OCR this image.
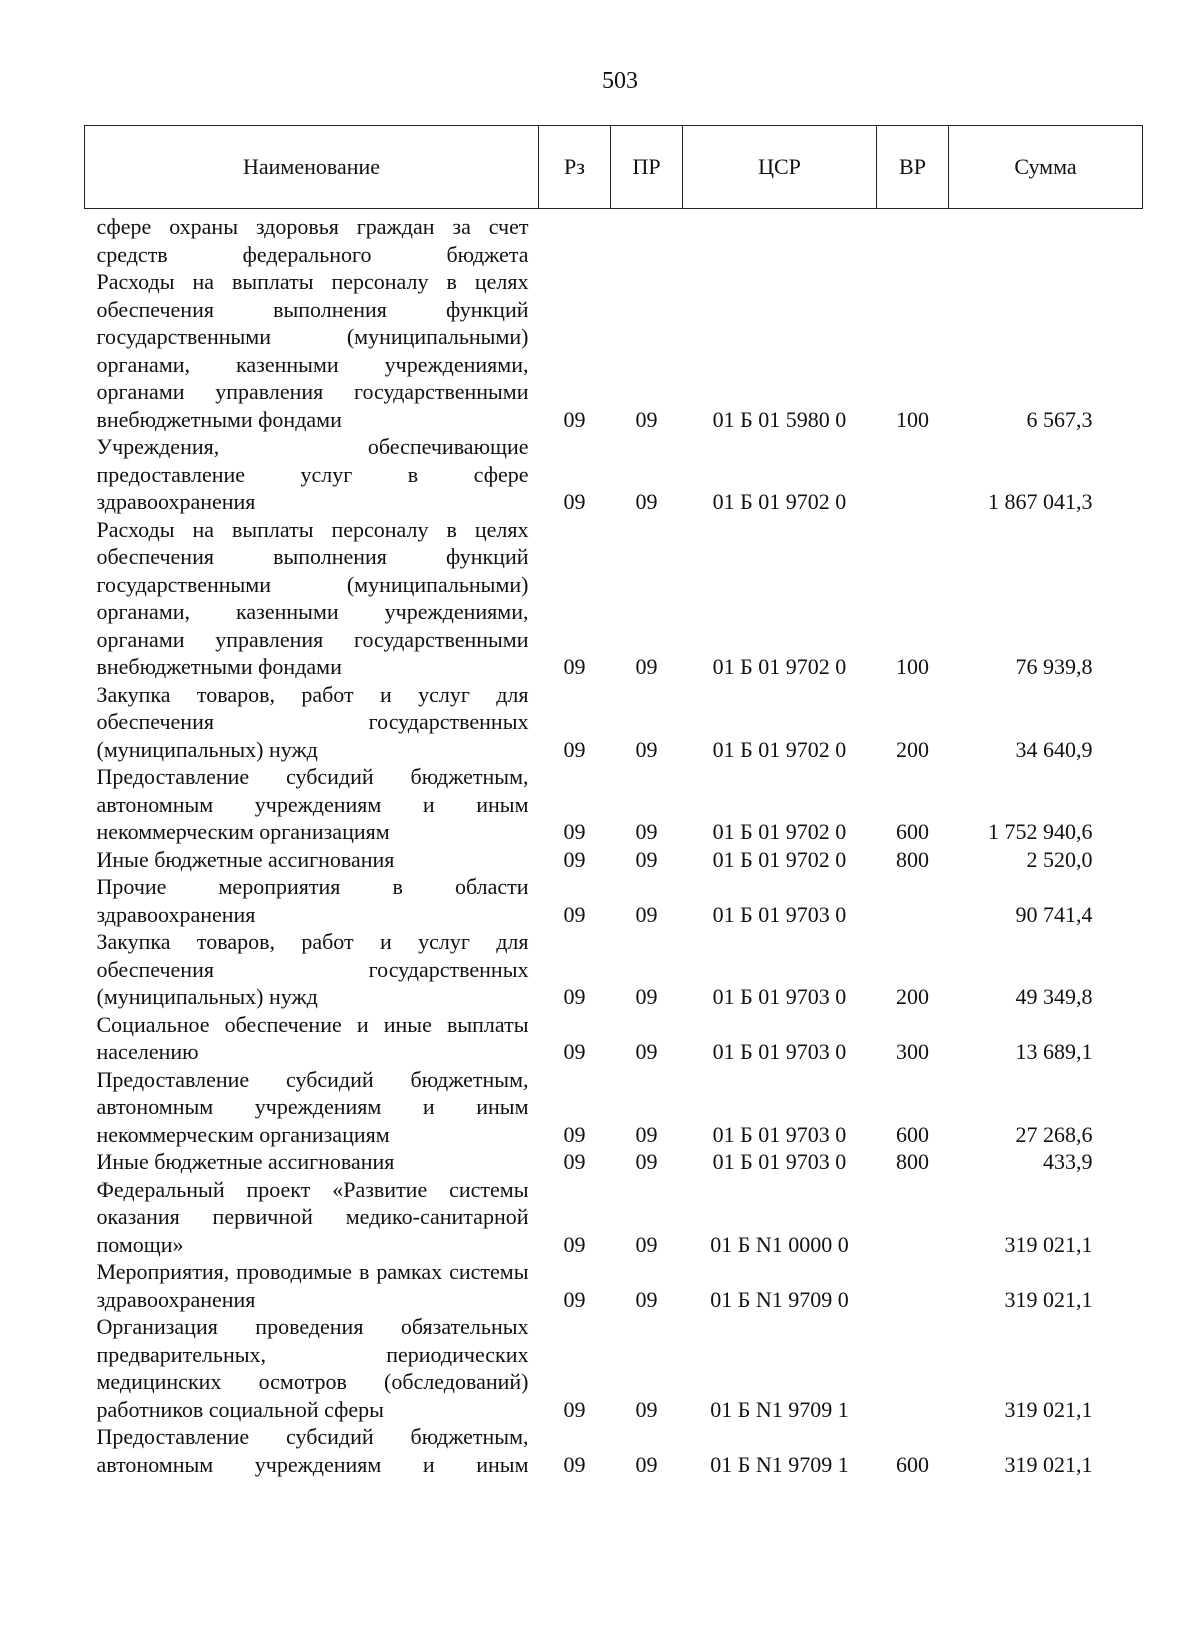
503
Наименование	Рз	ПР	ЦСР	ВР	Сумма
сфере охраны здоровья граждан за счет средств федерального бюджета					
Расходы на выплаты персоналу в целях обеспечения выполнения функций государственными (муниципальными) органами, казенными учреждениями, органами управления государственными внебюджетными фондами	09	09	01 Б 01 5980 0	100	6 567,3
Учреждения, обеспечивающие предоставление услуг в сфере здравоохранения	09	09	01 Б 01 9702 0		1 867 041,3
Расходы на выплаты персоналу в целях обеспечения выполнения функций государственными (муниципальными) органами, казенными учреждениями, органами управления государственными внебюджетными фондами	09	09	01 Б 01 9702 0	100	76 939,8
Закупка товаров, работ и услуг для обеспечения государственных (муниципальных) нужд	09	09	01 Б 01 9702 0	200	34 640,9
Предоставление субсидий бюджетным, автономным учреждениям и иным некоммерческим организациям	09	09	01 Б 01 9702 0	600	1 752 940,6
Иные бюджетные ассигнования	09	09	01 Б 01 9702 0	800	2 520,0
Прочие мероприятия в области здравоохранения	09	09	01 Б 01 9703 0		90 741,4
Закупка товаров, работ и услуг для обеспечения государственных (муниципальных) нужд	09	09	01 Б 01 9703 0	200	49 349,8
Социальное обеспечение и иные выплаты населению	09	09	01 Б 01 9703 0	300	13 689,1
Предоставление субсидий бюджетным, автономным учреждениям и иным некоммерческим организациям	09	09	01 Б 01 9703 0	600	27 268,6
Иные бюджетные ассигнования	09	09	01 Б 01 9703 0	800	433,9
Федеральный проект «Развитие системы оказания первичной медико-санитарной помощи»	09	09	01 Б N1 0000 0		319 021,1
Мероприятия, проводимые в рамках системы здравоохранения	09	09	01 Б N1 9709 0		319 021,1
Организация проведения обязательных предварительных, периодических медицинских осмотров (обследований) работников социальной сферы	09	09	01 Б N1 9709 1		319 021,1
Предоставление субсидий бюджетным, автономным учреждениям и иным	09	09	01 Б N1 9709 1	600	319 021,1
